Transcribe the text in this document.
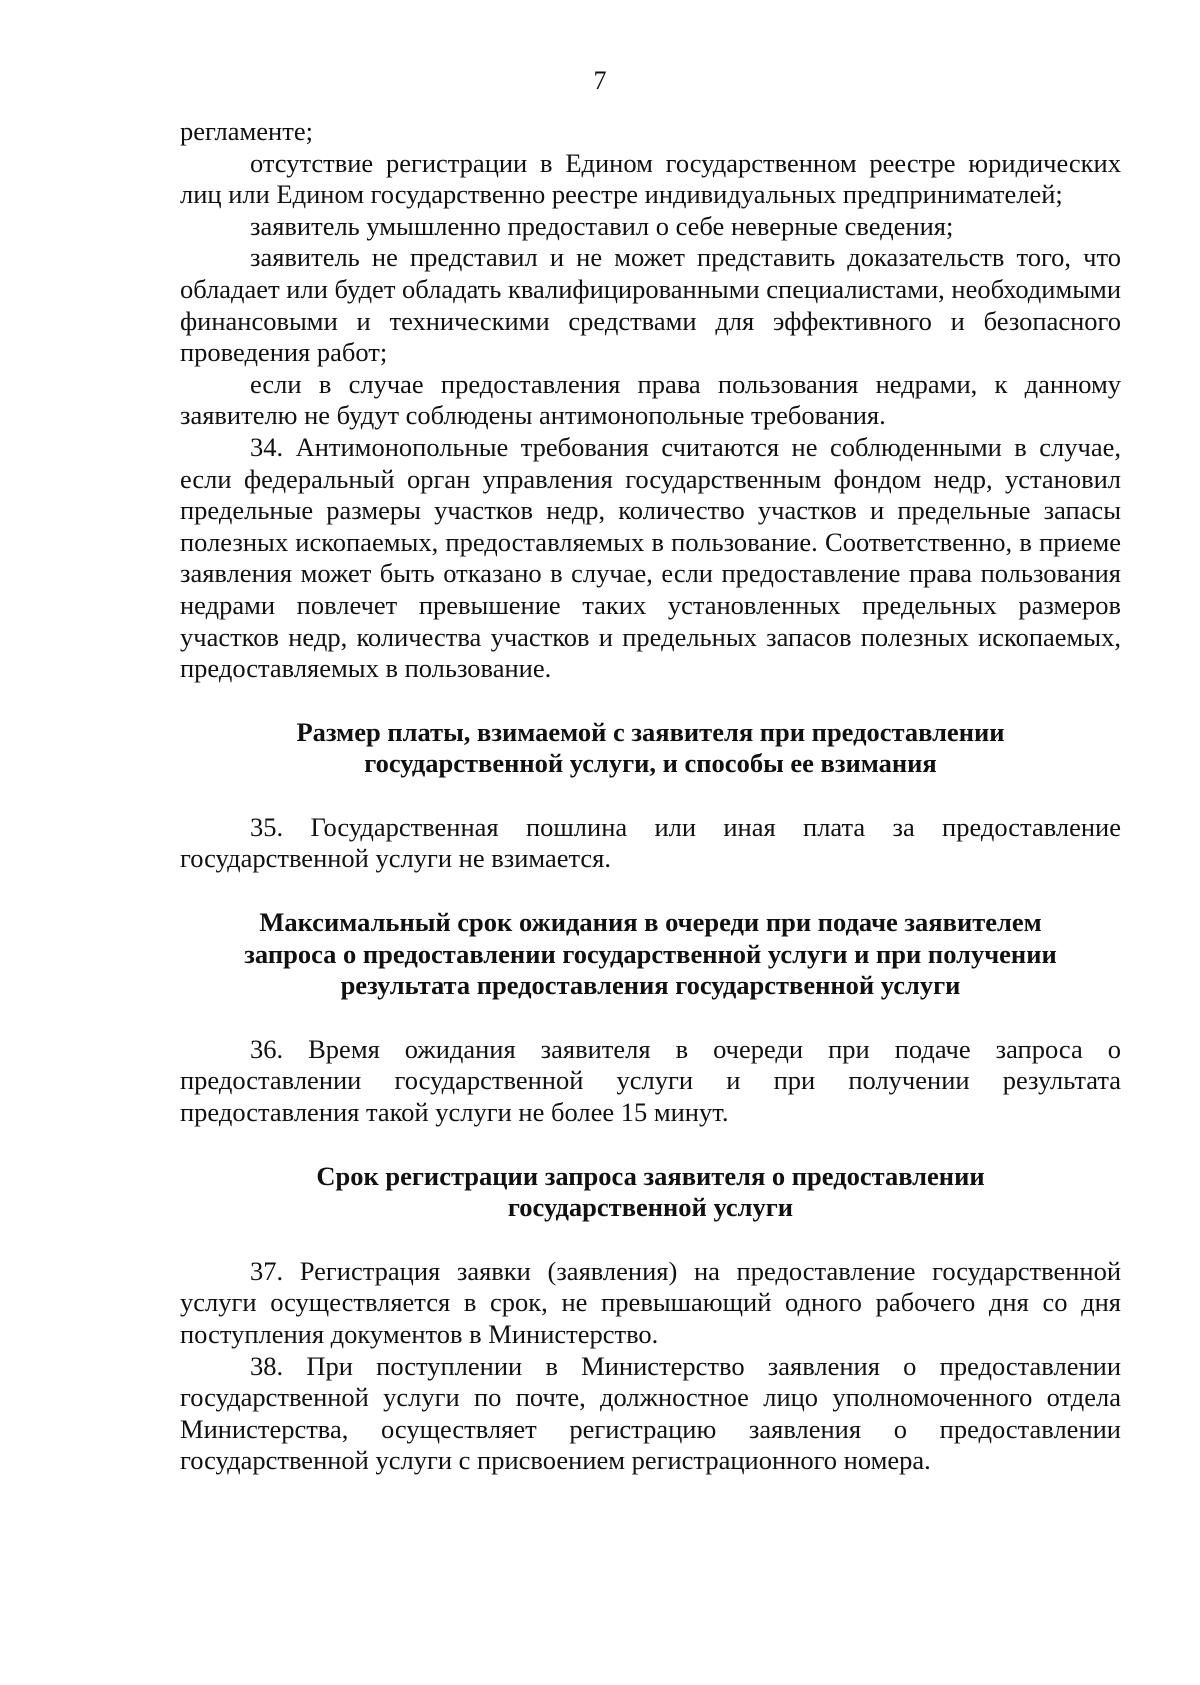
7

регламенте;

отсутствие регистрации в Едином государственном реестре юридических лиц или Едином государственно реестре индивидуальных предпринимателей;

заявитель умышленно предоставил о себе неверные сведения;

заявитель не представил и не может представить доказательств того, что обладает или будет обладать квалифицированными специалистами, необходимыми финансовыми и техническими средствами для эффективного и безопасного проведения работ;

если в случае предоставления права пользования недрами, к данному заявителю не будут соблюдены антимонопольные требования.

34. Антимонопольные требования считаются не соблюденными в случае, если федеральный орган управления государственным фондом недр, установил предельные размеры участков недр, количество участков и предельные запасы полезных ископаемых, предоставляемых в пользование. Соответственно, в приеме заявления может быть отказано в случае, если предоставление права пользования недрами повлечет превышение таких установленных предельных размеров участков недр, количества участков и предельных запасов полезных ископаемых, предоставляемых в пользование.

Размер платы, взимаемой с заявителя при предоставлении
государственной услуги, и способы ее взимания

35. Государственная пошлина или иная плата за предоставление государственной услуги не взимается.

Максимальный срок ожидания в очереди при подаче заявителем
запроса о предоставлении государственной услуги и при получении
результата предоставления государственной услуги

36. Время ожидания заявителя в очереди при подаче запроса о предоставлении государственной услуги и при получении результата предоставления такой услуги не более 15 минут.

Срок регистрации запроса заявителя о предоставлении
государственной услуги

37. Регистрация заявки (заявления) на предоставление государственной услуги осуществляется в срок, не превышающий одного рабочего дня со дня поступления документов в Министерство.

38. При поступлении в Министерство заявления о предоставлении государственной услуги по почте, должностное лицо уполномоченного отдела Министерства, осуществляет регистрацию заявления о предоставлении государственной услуги с присвоением регистрационного номера.
